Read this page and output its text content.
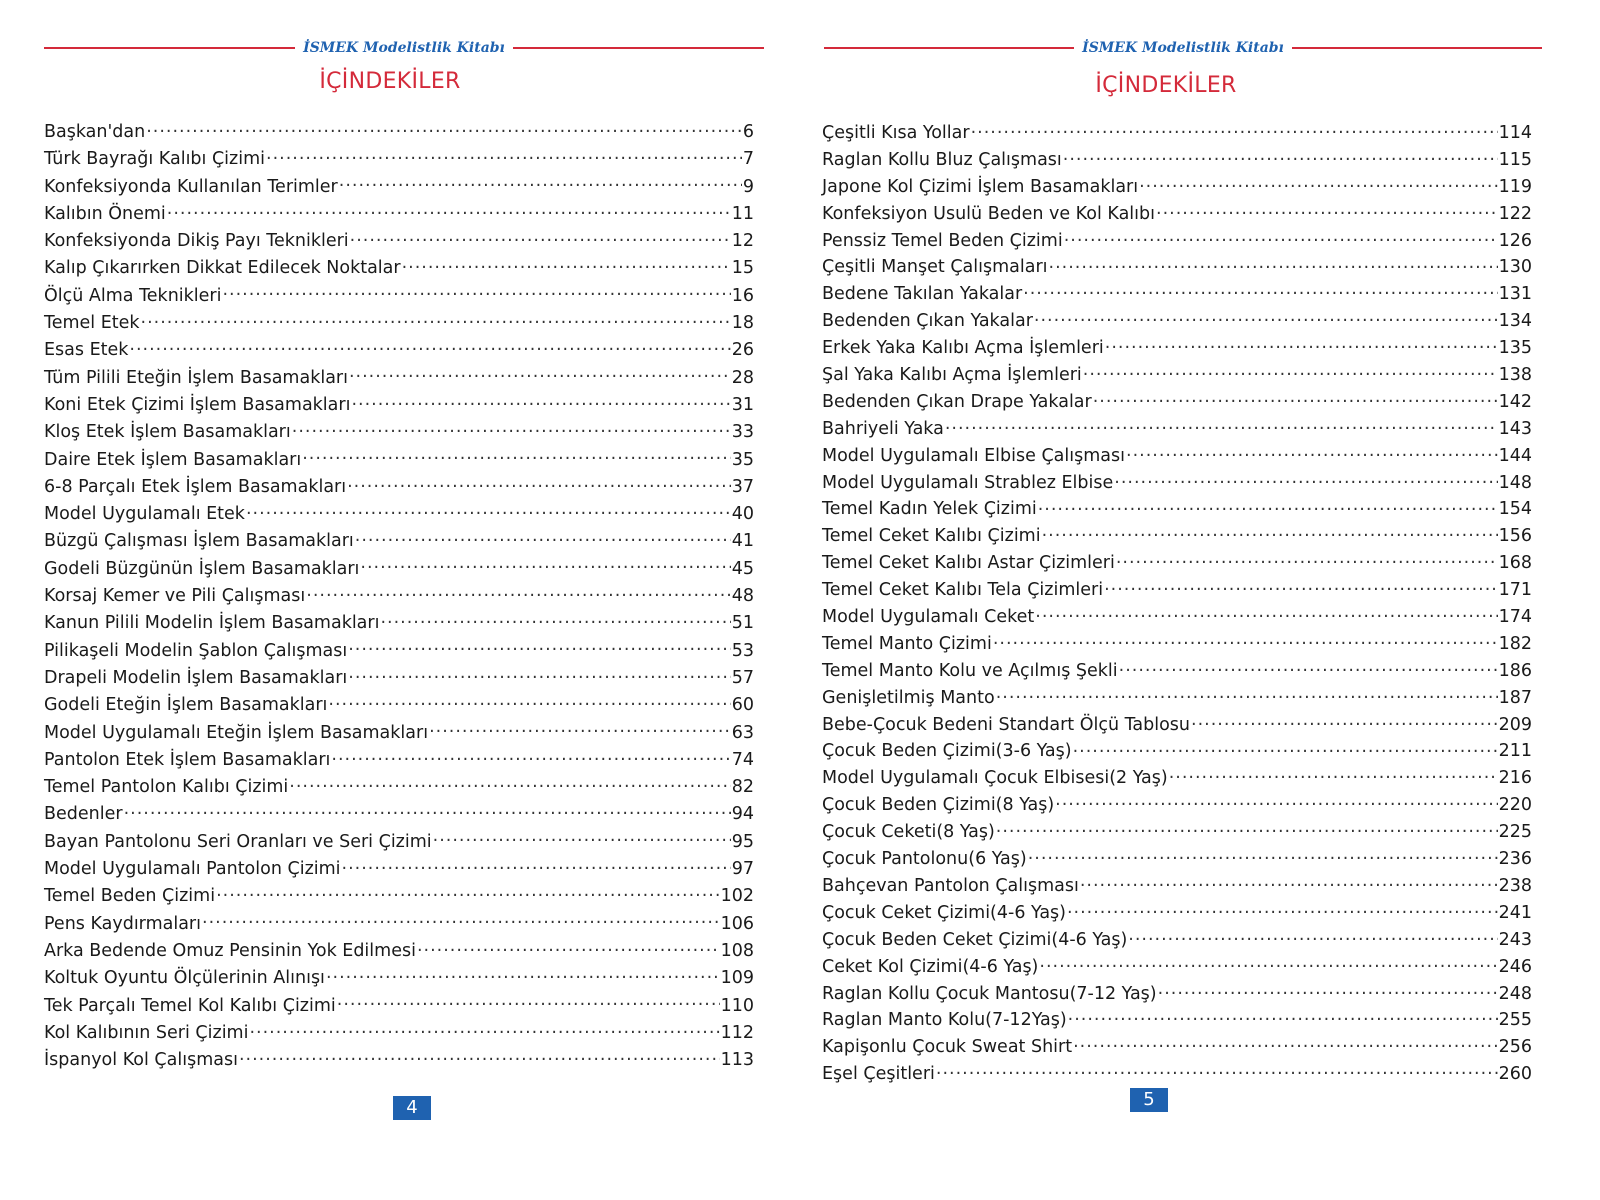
İSMEK Modelistlik Kitabı
İÇİNDEKİLER
Başkan'dan .....	6
Türk Bayrağı Kalıbı Çizimi .....	7
Konfeksiyonda Kullanılan Terimler .....	9
Kalıbın Önemi .....	11
Konfeksiyonda Dikiş Payı Teknikleri .....	12
Kalıp Çıkarırken Dikkat Edilecek Noktalar .....	15
Ölçü Alma Teknikleri .....	16
Temel Etek .....	18
Esas Etek .....	26
Tüm Pilili Eteğin İşlem Basamakları .....	28
Koni Etek Çizimi İşlem Basamakları .....	31
Kloş Etek İşlem Basamakları .....	33
Daire Etek İşlem Basamakları .....	35
6-8 Parçalı Etek İşlem Basamakları .....	37
Model Uygulamalı Etek .....	40
Büzgü Çalışması İşlem Basamakları .....	41
Godeli Büzgünün İşlem Basamakları .....	45
Korsaj Kemer ve Pili Çalışması .....	48
Kanun Pilili Modelin İşlem Basamakları .....	51
Pilikaşeli Modelin Şablon Çalışması .....	53
Drapeli Modelin İşlem Basamakları .....	57
Godeli Eteğin İşlem Basamakları .....	60
Model Uygulamalı Eteğin İşlem Basamakları .....	63
Pantolon Etek İşlem Basamakları .....	74
Temel Pantolon Kalıbı Çizimi .....	82
Bedenler .....	94
Bayan Pantolonu Seri Oranları ve Seri Çizimi .....	95
Model Uygulamalı Pantolon Çizimi .....	97
Temel Beden Çizimi .....	102
Pens Kaydırmaları .....	106
Arka Bedende Omuz Pensinin Yok Edilmesi .....	108
Koltuk Oyuntu Ölçülerinin Alınışı .....	109
Tek Parçalı Temel Kol Kalıbı Çizimi .....	110
Kol Kalıbının Seri Çizimi .....	112
İspanyol Kol Çalışması .....	113
4
İSMEK Modelistlik Kitabı
İÇİNDEKİLER
Çeşitli Kısa Yollar .....	114
Raglan Kollu Bluz Çalışması .....	115
Japone Kol Çizimi İşlem Basamakları .....	119
Konfeksiyon Usulü Beden ve Kol Kalıbı .....	122
Penssiz Temel Beden Çizimi .....	126
Çeşitli Manşet Çalışmaları .....	130
Bedene Takılan Yakalar .....	131
Bedenden Çıkan Yakalar .....	134
Erkek Yaka Kalıbı Açma İşlemleri .....	135
Şal Yaka Kalıbı Açma İşlemleri .....	138
Bedenden Çıkan Drape Yakalar .....	142
Bahriyeli Yaka .....	143
Model Uygulamalı Elbise Çalışması .....	144
Model Uygulamalı Strablez Elbise .....	148
Temel Kadın Yelek Çizimi .....	154
Temel Ceket Kalıbı Çizimi .....	156
Temel Ceket Kalıbı Astar Çizimleri .....	168
Temel Ceket Kalıbı Tela Çizimleri .....	171
Model Uygulamalı Ceket .....	174
Temel Manto Çizimi .....	182
Temel Manto Kolu ve Açılmış Şekli .....	186
Genişletilmiş Manto .....	187
Bebe-Çocuk Bedeni Standart Ölçü Tablosu .....	209
Çocuk Beden Çizimi(3-6 Yaş) .....	211
Model Uygulamalı Çocuk Elbisesi(2 Yaş) .....	216
Çocuk Beden Çizimi(8 Yaş) .....	220
Çocuk Ceketi(8 Yaş) .....	225
Çocuk Pantolonu(6 Yaş) .....	236
Bahçevan Pantolon Çalışması .....	238
Çocuk Ceket Çizimi(4-6 Yaş) .....	241
Çocuk Beden Ceket Çizimi(4-6 Yaş) .....	243
Ceket Kol Çizimi(4-6 Yaş) .....	246
Raglan Kollu Çocuk Mantosu(7-12 Yaş) .....	248
Raglan Manto Kolu(7-12Yaş) .....	255
Kapişonlu Çocuk Sweat Shirt .....	256
Eşel Çeşitleri .....	260
5
